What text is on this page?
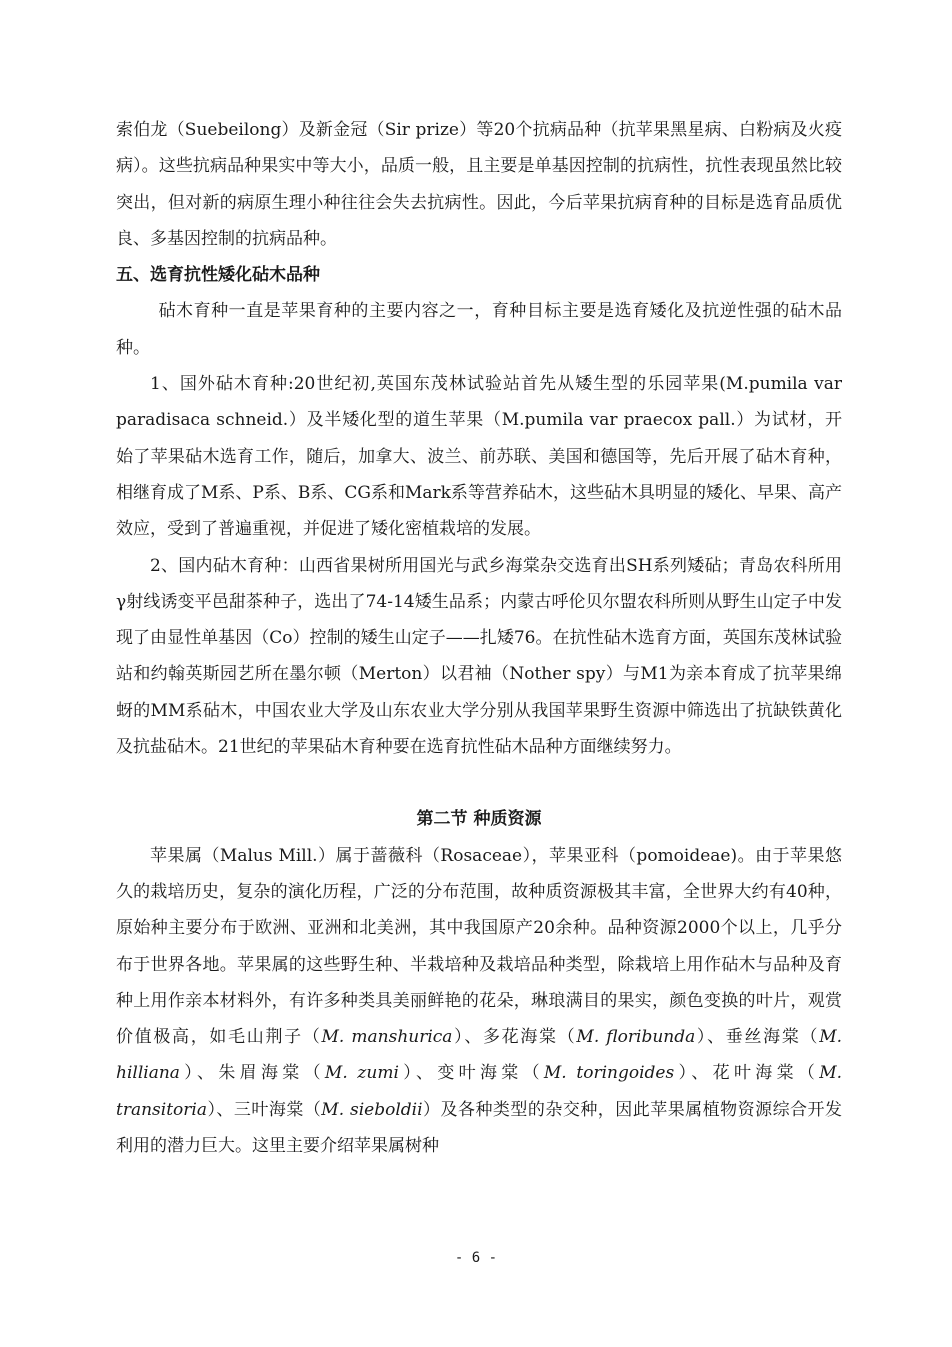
索伯龙（Suebeilong）及新金冠（Sir prize）等20个抗病品种（抗苹果黑星病、白粉病及火疫病）。这些抗病品种果实中等大小，品质一般，且主要是单基因控制的抗病性，抗性表现虽然比较突出，但对新的病原生理小种往往会失去抗病性。因此，今后苹果抗病育种的目标是选育品质优良、多基因控制的抗病品种。

五、选育抗性矮化砧木品种

砧木育种一直是苹果育种的主要内容之一，育种目标主要是选育矮化及抗逆性强的砧木品种。

1、国外砧木育种:20世纪初,英国东茂林试验站首先从矮生型的乐园苹果(M.pumila var paradisaca schneid.）及半矮化型的道生苹果（M.pumila var praecox pall.）为试材，开始了苹果砧木选育工作，随后，加拿大、波兰、前苏联、美国和德国等，先后开展了砧木育种，相继育成了M系、P系、B系、CG系和Mark系等营养砧木，这些砧木具明显的矮化、早果、高产效应，受到了普遍重视，并促进了矮化密植栽培的发展。

2、国内砧木育种：山西省果树所用国光与武乡海棠杂交选育出SH系列矮砧；青岛农科所用γ射线诱变平邑甜茶种子，选出了74-14矮生品系；内蒙古呼伦贝尔盟农科所则从野生山定子中发现了由显性单基因（Co）控制的矮生山定子——扎矮76。在抗性砧木选育方面，英国东茂林试验站和约翰英斯园艺所在墨尔顿（Merton）以君袖（Nother spy）与M1为亲本育成了抗苹果绵蚜的MM系砧木，中国农业大学及山东农业大学分别从我国苹果野生资源中筛选出了抗缺铁黄化及抗盐砧木。21世纪的苹果砧木育种要在选育抗性砧木品种方面继续努力。

第二节 种质资源

苹果属（Malus Mill.）属于蔷薇科（Rosaceae），苹果亚科（pomoideae)。由于苹果悠久的栽培历史，复杂的演化历程，广泛的分布范围，故种质资源极其丰富，全世界大约有40种，原始种主要分布于欧洲、亚洲和北美洲，其中我国原产20余种。品种资源2000个以上，几乎分布于世界各地。苹果属的这些野生种、半栽培种及栽培品种类型，除栽培上用作砧木与品种及育种上用作亲本材料外，有许多种类具美丽鲜艳的花朵，琳琅满目的果实，颜色变换的叶片，观赏价值极高，如毛山荆子（M. manshurica）、多花海棠（M. floribunda）、垂丝海棠（M. hilliana）、朱眉海棠（M. zumi）、变叶海棠（M. toringoides）、花叶海棠（M. transitoria）、三叶海棠（M. sieboldii）及各种类型的杂交种，因此苹果属植物资源综合开发利用的潜力巨大。这里主要介绍苹果属树种

- 6 -
